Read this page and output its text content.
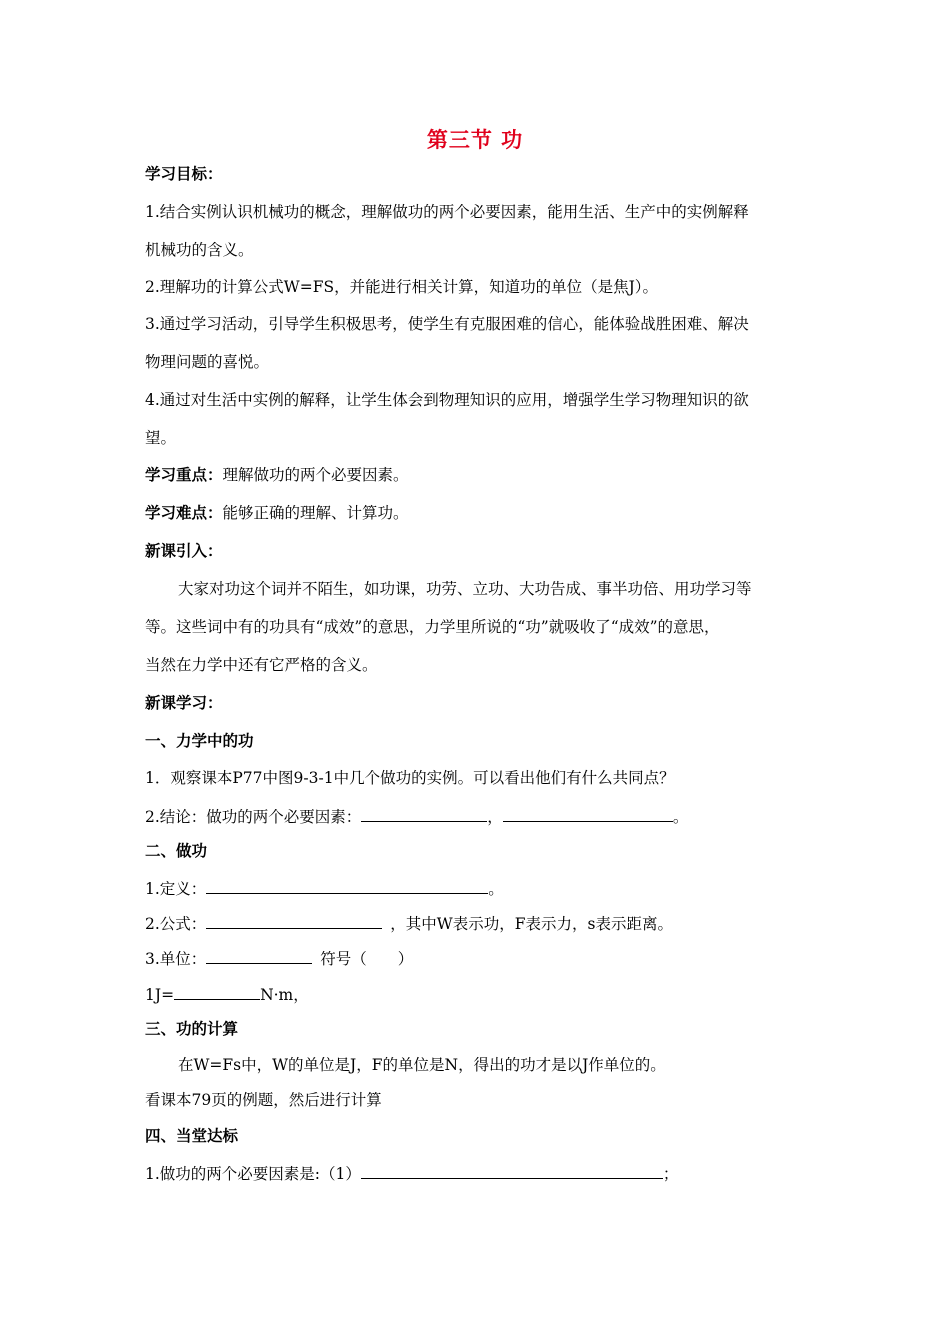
第三节 功
学习目标：
1.结合实例认识机械功的概念，理解做功的两个必要因素，能用生活、生产中的实例解释
机械功的含义。
2.理解功的计算公式W=FS，并能进行相关计算，知道功的单位（是焦J）。
3.通过学习活动，引导学生积极思考，使学生有克服困难的信心，能体验战胜困难、解决
物理问题的喜悦。
4.通过对生活中实例的解释，让学生体会到物理知识的应用，增强学生学习物理知识的欲
望。
学习重点：理解做功的两个必要因素。
学习难点：能够正确的理解、计算功。
新课引入：
大家对功这个词并不陌生，如功课，功劳、立功、大功告成、事半功倍、用功学习等
等。这些词中有的功具有“成效”的意思，力学里所说的“功”就吸收了“成效”的意思，
当然在力学中还有它严格的含义。
新课学习：
一、力学中的功
1．观察课本P77中图9-3-1中几个做功的实例。可以看出他们有什么共同点？
2.结论：做功的两个必要因素：	，	。
二、做功
1.定义：	。
2.公式：	，其中W表示功，F表示力，s表示距离。
3.单位：	符号（　　）
1J=	N·m，
三、功的计算
在W=Fs中，W的单位是J，F的单位是N，得出的功才是以J作单位的。
看课本79页的例题，然后进行计算
四、当堂达标
1.做功的两个必要因素是:（1）	；
